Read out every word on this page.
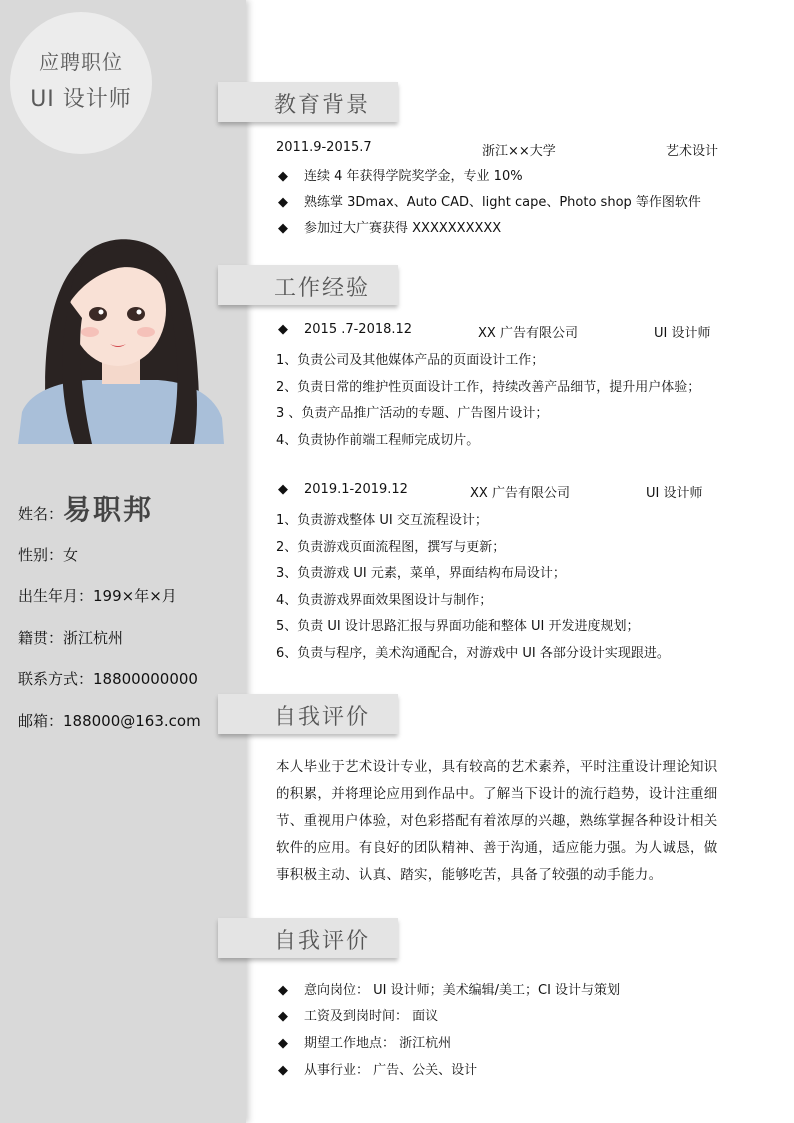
应聘职位
UI 设计师
姓名：易职邦
性别：女
出生年月：199×年×月
籍贯：浙江杭州
联系方式：18800000000
邮箱：188000@163.com
教育背景
2011.9-2015.7	浙江××大学	艺术设计
◆ 连续 4 年获得学院奖学金，专业 10%
◆ 熟练掌 3Dmax、Auto CAD、light cape、Photo shop 等作图软件
◆ 参加过大广赛获得 XXXXXXXXXX
工作经验
◆ 2015 .7-2018.12	XX 广告有限公司	UI 设计师
1、负责公司及其他媒体产品的页面设计工作；
2、负责日常的维护性页面设计工作，持续改善产品细节，提升用户体验；
3 、负责产品推广活动的专题、广告图片设计；
4、负责协作前端工程师完成切片。
◆ 2019.1-2019.12	XX 广告有限公司	UI 设计师
1、负责游戏整体 UI 交互流程设计；
2、负责游戏页面流程图，撰写与更新；
3、负责游戏 UI 元素，菜单，界面结构布局设计；
4、负责游戏界面效果图设计与制作；
5、负责 UI 设计思路汇报与界面功能和整体 UI 开发进度规划；
6、负责与程序，美术沟通配合，对游戏中 UI 各部分设计实现跟进。
自我评价
本人毕业于艺术设计专业，具有较高的艺术素养，平时注重设计理论知识
的积累，并将理论应用到作品中。了解当下设计的流行趋势，设计注重细
节、重视用户体验，对色彩搭配有着浓厚的兴趣，熟练掌握各种设计相关
软件的应用。有良好的团队精神、善于沟通，适应能力强。为人诚恳，做
事积极主动、认真、踏实，能够吃苦，具备了较强的动手能力。
自我评价
◆ 意向岗位： UI 设计师；美术编辑/美工；CI 设计与策划
◆ 工资及到岗时间： 面议
◆ 期望工作地点： 浙江杭州
◆ 从事行业： 广告、公关、设计
